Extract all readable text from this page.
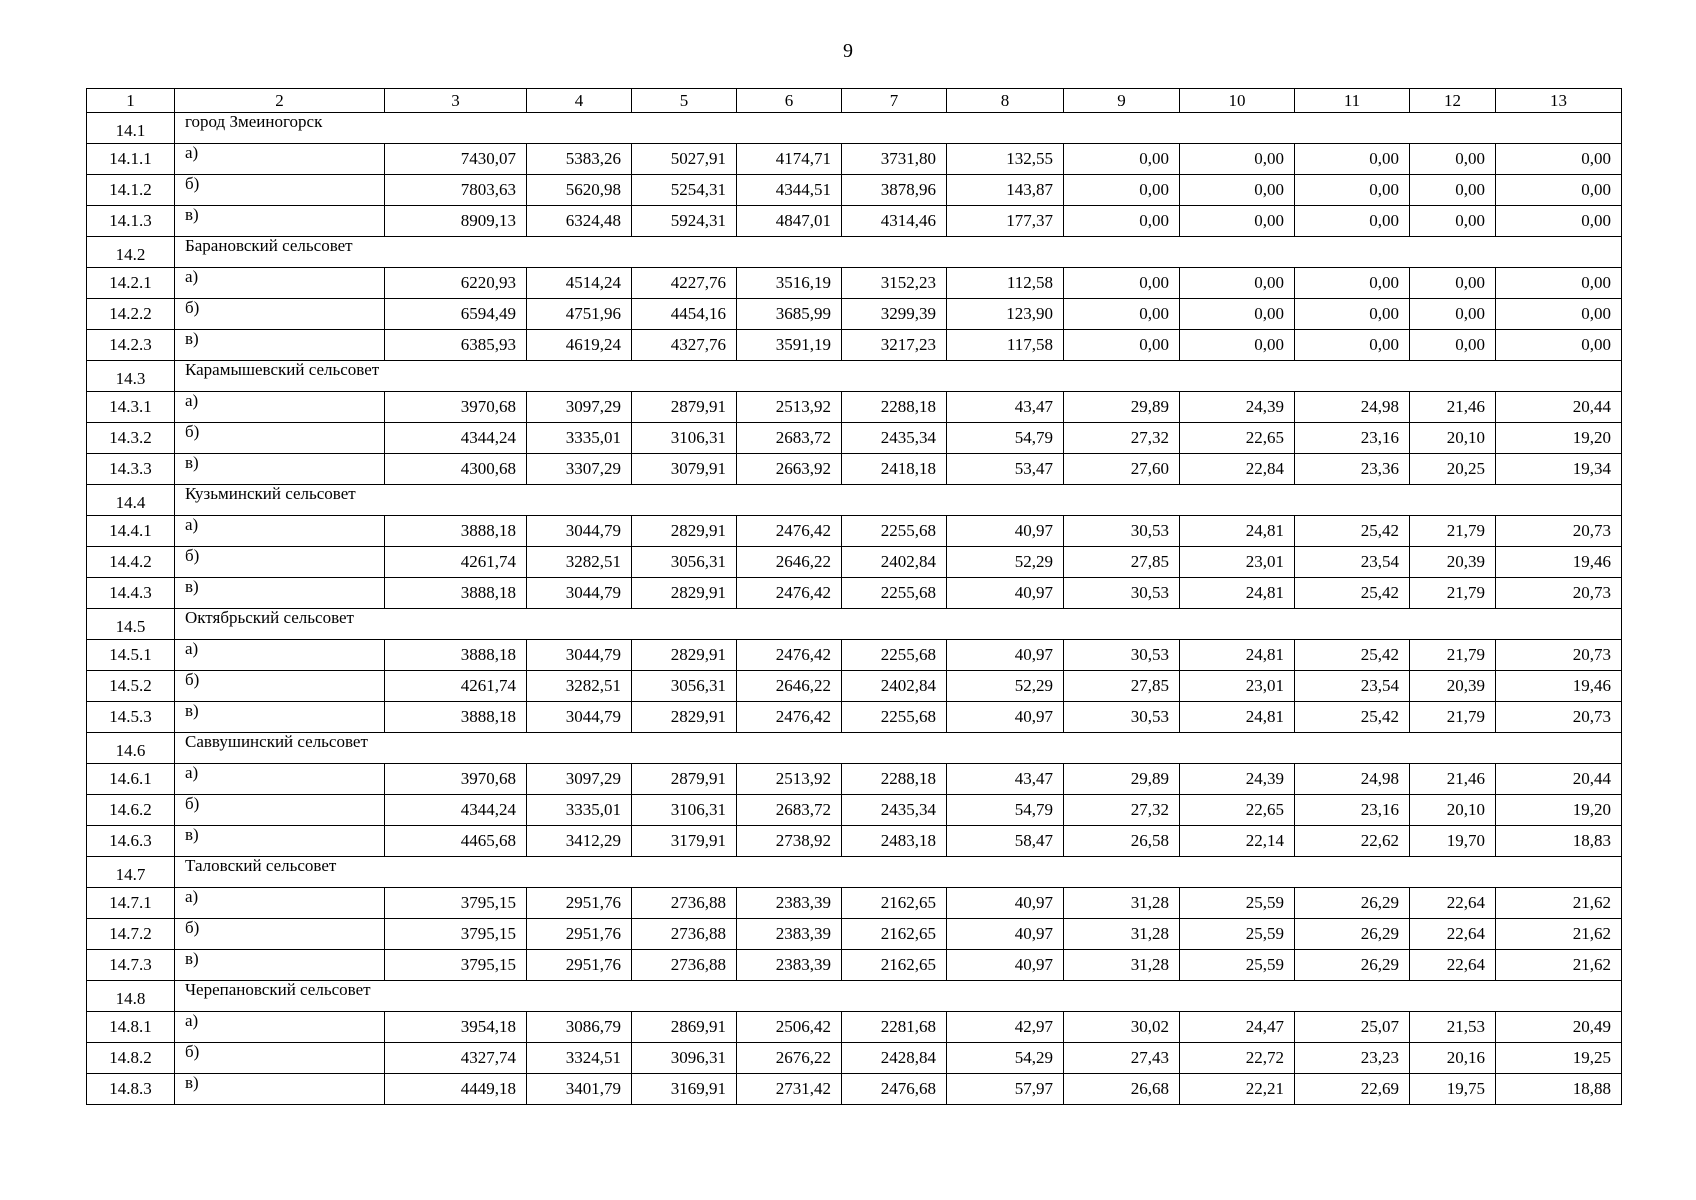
9
1	2	3	4	5	6	7	8	9	10	11	12	13
14.1	город Змеиногорск											
14.1.1	а)	7430,07	5383,26	5027,91	4174,71	3731,80	132,55	0,00	0,00	0,00	0,00	0,00
14.1.2	б)	7803,63	5620,98	5254,31	4344,51	3878,96	143,87	0,00	0,00	0,00	0,00	0,00
14.1.3	в)	8909,13	6324,48	5924,31	4847,01	4314,46	177,37	0,00	0,00	0,00	0,00	0,00
14.2	Барановский сельсовет											
14.2.1	а)	6220,93	4514,24	4227,76	3516,19	3152,23	112,58	0,00	0,00	0,00	0,00	0,00
14.2.2	б)	6594,49	4751,96	4454,16	3685,99	3299,39	123,90	0,00	0,00	0,00	0,00	0,00
14.2.3	в)	6385,93	4619,24	4327,76	3591,19	3217,23	117,58	0,00	0,00	0,00	0,00	0,00
14.3	Карамышевский сельсовет											
14.3.1	а)	3970,68	3097,29	2879,91	2513,92	2288,18	43,47	29,89	24,39	24,98	21,46	20,44
14.3.2	б)	4344,24	3335,01	3106,31	2683,72	2435,34	54,79	27,32	22,65	23,16	20,10	19,20
14.3.3	в)	4300,68	3307,29	3079,91	2663,92	2418,18	53,47	27,60	22,84	23,36	20,25	19,34
14.4	Кузьминский сельсовет											
14.4.1	а)	3888,18	3044,79	2829,91	2476,42	2255,68	40,97	30,53	24,81	25,42	21,79	20,73
14.4.2	б)	4261,74	3282,51	3056,31	2646,22	2402,84	52,29	27,85	23,01	23,54	20,39	19,46
14.4.3	в)	3888,18	3044,79	2829,91	2476,42	2255,68	40,97	30,53	24,81	25,42	21,79	20,73
14.5	Октябрьский сельсовет											
14.5.1	а)	3888,18	3044,79	2829,91	2476,42	2255,68	40,97	30,53	24,81	25,42	21,79	20,73
14.5.2	б)	4261,74	3282,51	3056,31	2646,22	2402,84	52,29	27,85	23,01	23,54	20,39	19,46
14.5.3	в)	3888,18	3044,79	2829,91	2476,42	2255,68	40,97	30,53	24,81	25,42	21,79	20,73
14.6	Саввушинский сельсовет											
14.6.1	а)	3970,68	3097,29	2879,91	2513,92	2288,18	43,47	29,89	24,39	24,98	21,46	20,44
14.6.2	б)	4344,24	3335,01	3106,31	2683,72	2435,34	54,79	27,32	22,65	23,16	20,10	19,20
14.6.3	в)	4465,68	3412,29	3179,91	2738,92	2483,18	58,47	26,58	22,14	22,62	19,70	18,83
14.7	Таловский сельсовет											
14.7.1	а)	3795,15	2951,76	2736,88	2383,39	2162,65	40,97	31,28	25,59	26,29	22,64	21,62
14.7.2	б)	3795,15	2951,76	2736,88	2383,39	2162,65	40,97	31,28	25,59	26,29	22,64	21,62
14.7.3	в)	3795,15	2951,76	2736,88	2383,39	2162,65	40,97	31,28	25,59	26,29	22,64	21,62
14.8	Черепановский сельсовет											
14.8.1	а)	3954,18	3086,79	2869,91	2506,42	2281,68	42,97	30,02	24,47	25,07	21,53	20,49
14.8.2	б)	4327,74	3324,51	3096,31	2676,22	2428,84	54,29	27,43	22,72	23,23	20,16	19,25
14.8.3	в)	4449,18	3401,79	3169,91	2731,42	2476,68	57,97	26,68	22,21	22,69	19,75	18,88
